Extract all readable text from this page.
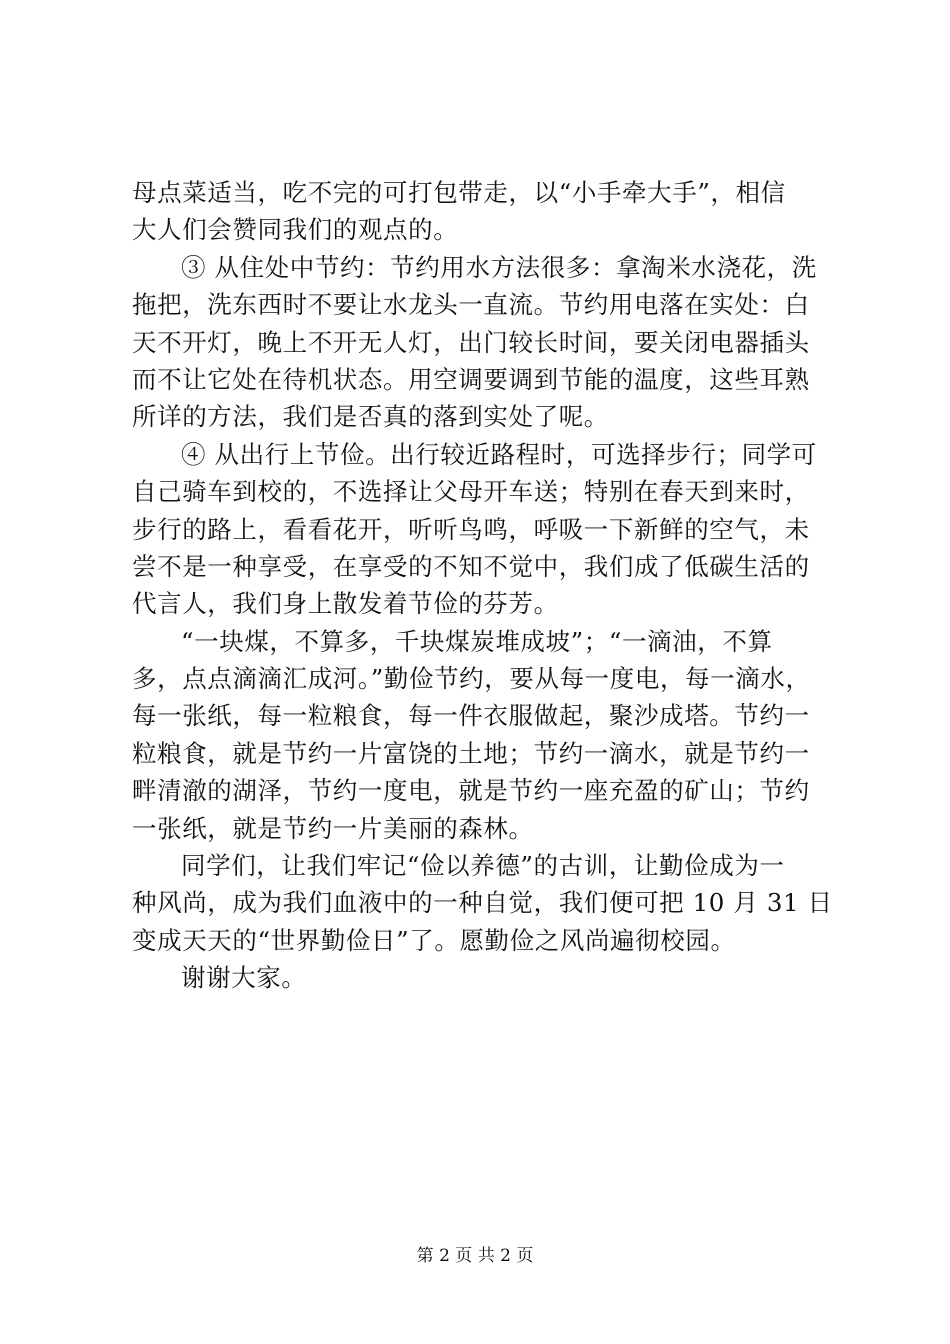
母点菜适当，吃不完的可打包带走，以“小手牵大手”，相信
大人们会赞同我们的观点的。
③ 从住处中节约：节约用水方法很多：拿淘米水浇花，洗
拖把，洗东西时不要让水龙头一直流。节约用电落在实处：白
天不开灯，晚上不开无人灯，出门较长时间，要关闭电器插头
而不让它处在待机状态。用空调要调到节能的温度，这些耳熟
所详的方法，我们是否真的落到实处了呢。
④ 从出行上节俭。出行较近路程时，可选择步行；同学可
自己骑车到校的，不选择让父母开车送；特别在春天到来时，
步行的路上，看看花开，听听鸟鸣，呼吸一下新鲜的空气，未
尝不是一种享受，在享受的不知不觉中，我们成了低碳生活的
代言人，我们身上散发着节俭的芬芳。
“一块煤，不算多，千块煤炭堆成坡”；“一滴油，不算
多，点点滴滴汇成河。”勤俭节约，要从每一度电，每一滴水，
每一张纸，每一粒粮食，每一件衣服做起，聚沙成塔。节约一
粒粮食，就是节约一片富饶的土地；节约一滴水，就是节约一
畔清澈的湖泽，节约一度电，就是节约一座充盈的矿山；节约
一张纸，就是节约一片美丽的森林。
同学们，让我们牢记“俭以养德”的古训，让勤俭成为一
种风尚，成为我们血液中的一种自觉，我们便可把 10 月 31 日
变成天天的“世界勤俭日”了。愿勤俭之风尚遍彻校园。
谢谢大家。
第 2 页 共 2 页
